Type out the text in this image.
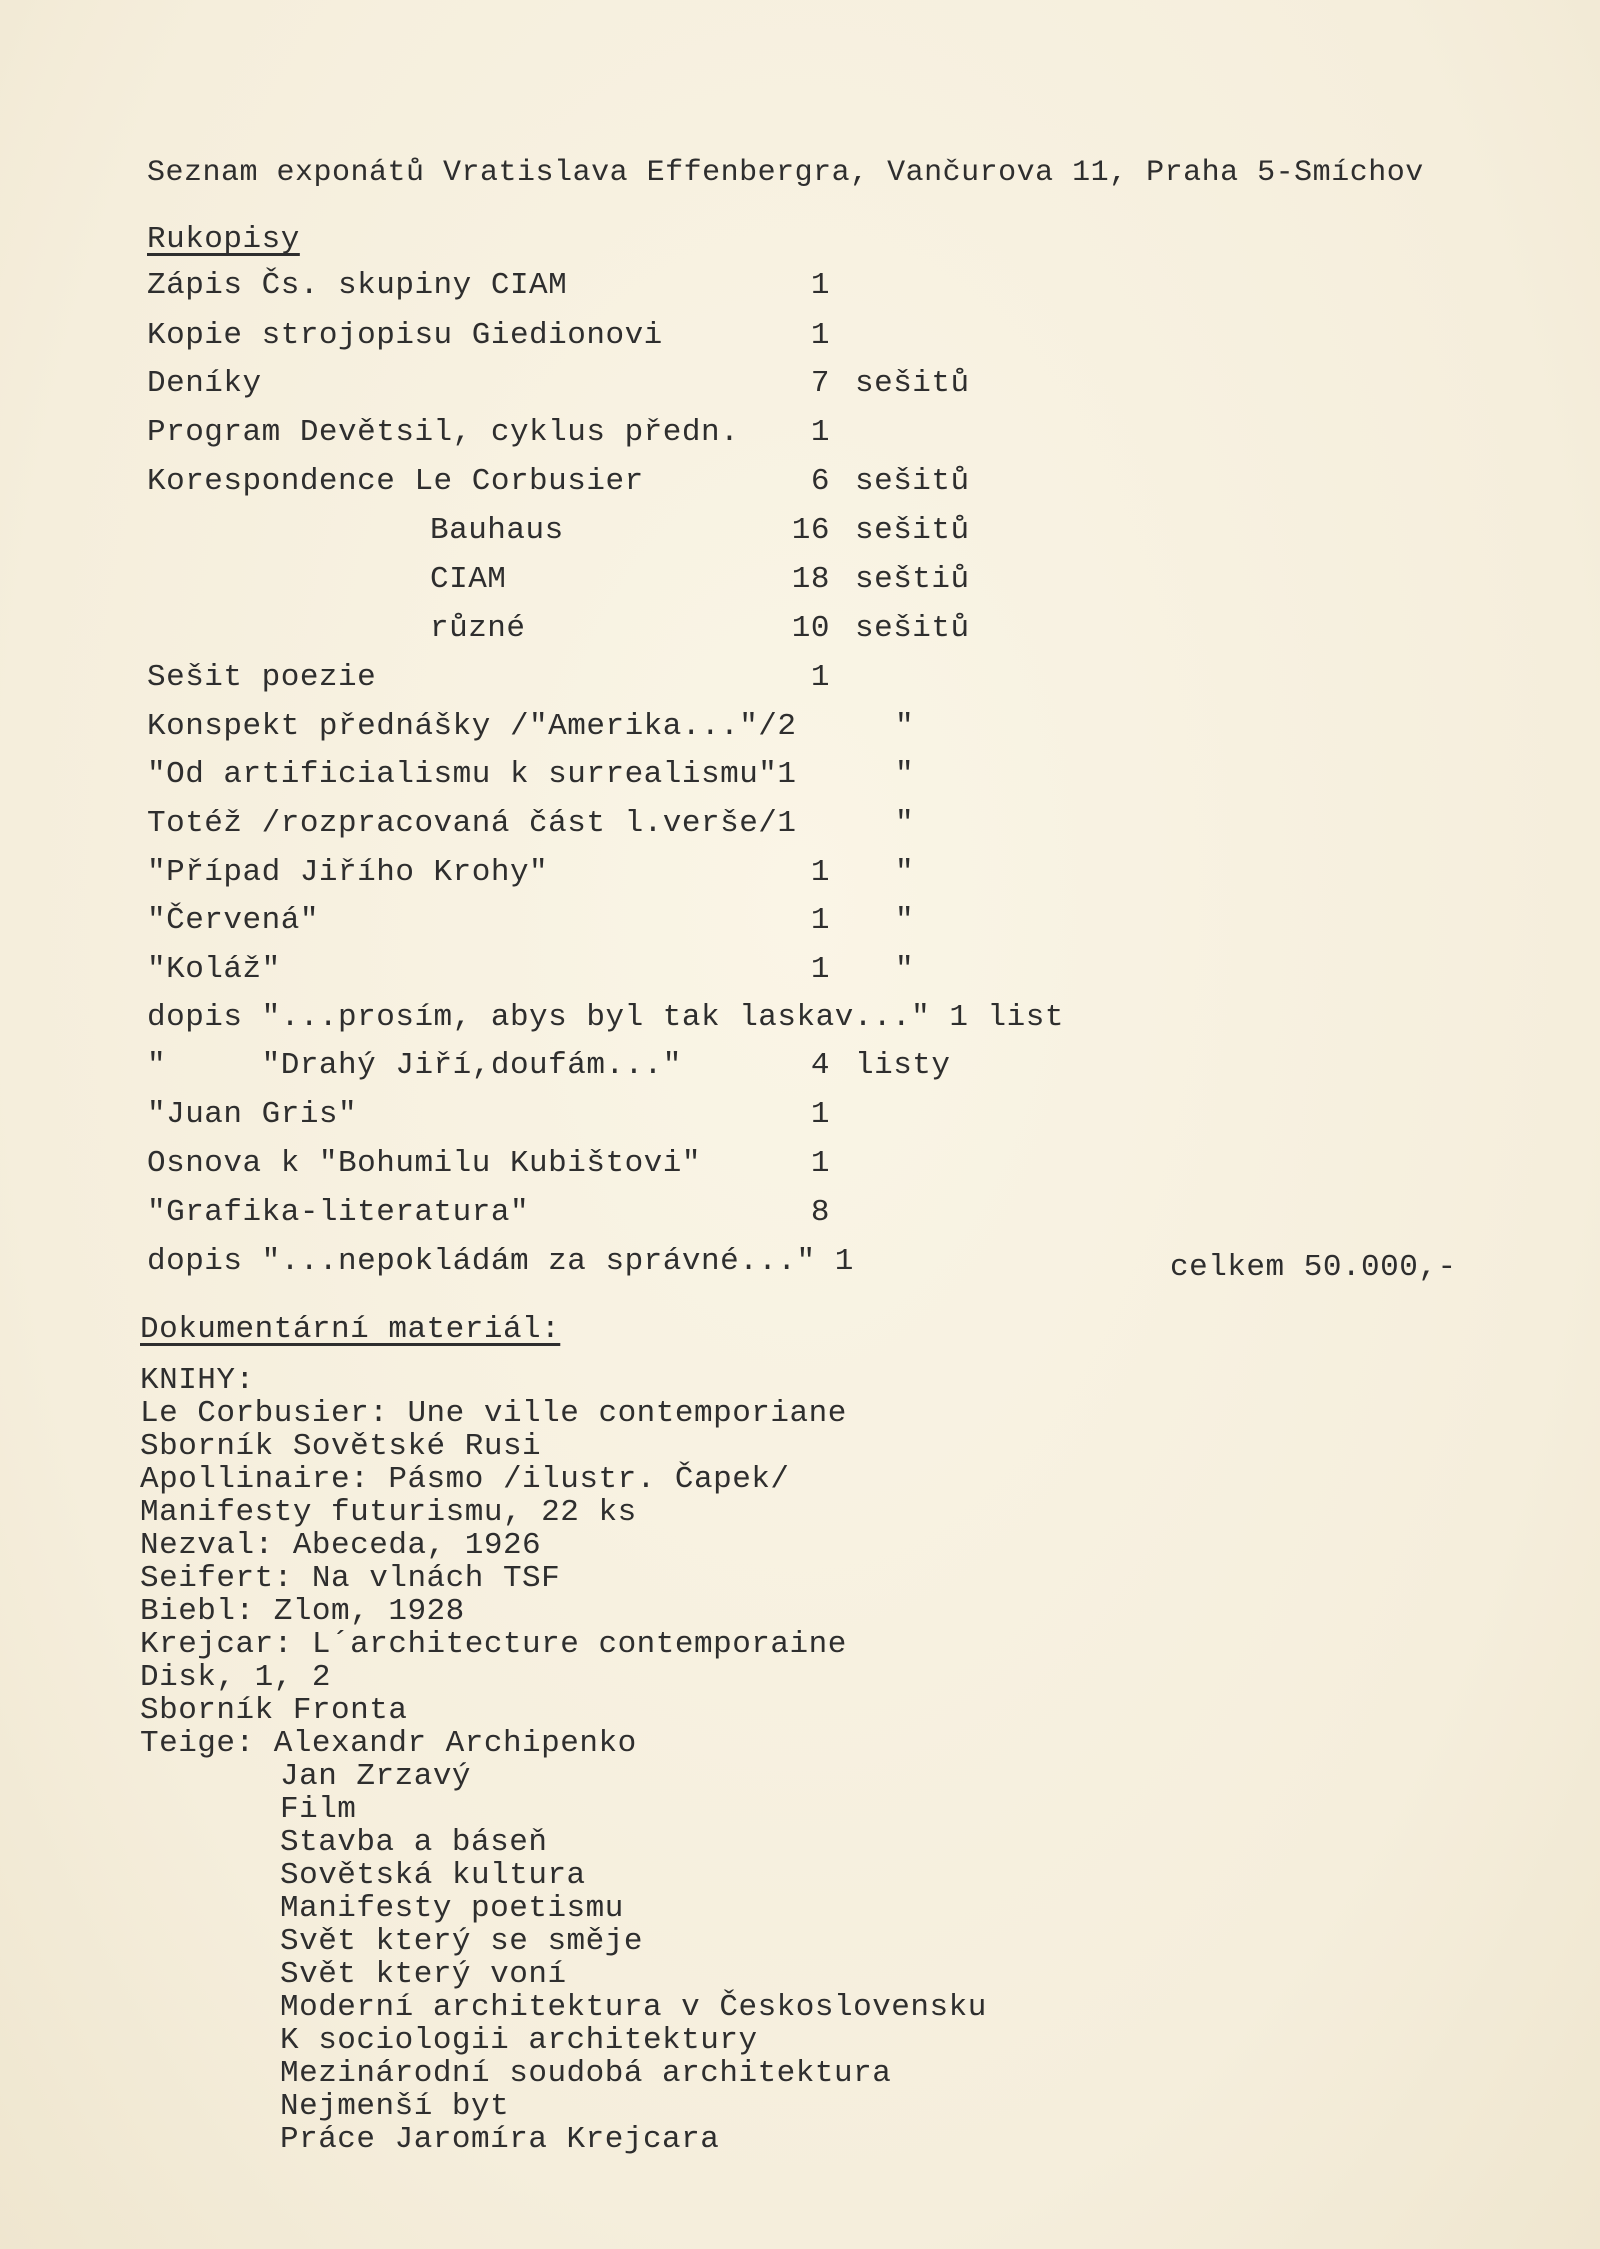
Seznam exponátů Vratislava Effenbergra, Vančurova 11, Praha 5-Smíchov
Rukopisy
Zápis Čs. skupiny CIAM	1
Kopie strojopisu Giedionovi	1
Deníky	7 sešitů
Program Devětsil, cyklus předn. 1
Korespondence Le Corbusier	6 sešitů
Bauhaus	16 sešitů
CIAM	18 seštiů
různé	10 sešitů
Sešit poezie	1
Konspekt přednášky /"Amerika..."/2	"
"Od artificialismu k surrealismu"1	"
Totéž /rozpracovaná část l.verše/1	"
"Případ Jiřího Krohy"	1 "
"Červená"	1 "
"Koláž"	1 "
dopis "...prosím, abys byl tak laskav..." 1 list
"     "Drahý Jiří,doufám..."	4 listy
"Juan Gris"	1
Osnova k "Bohumilu Kubištovi"	1
"Grafika-literatura"	8
dopis "...nepokládám za správné..." 1	celkem 50.000,-
Dokumentární materiál:
KNIHY:
Le Corbusier: Une ville contemporiane
Sborník Sovětské Rusi
Apollinaire: Pásmo /ilustr. Čapek/
Manifesty futurismu, 22 ks
Nezval: Abeceda, 1926
Seifert: Na vlnách TSF
Biebl: Zlom, 1928
Krejcar: L´architecture contemporaine
Disk, 1, 2
Sborník Fronta
Teige: Alexandr Archipenko
Jan Zrzavý
Film
Stavba a báseň
Sovětská kultura
Manifesty poetismu
Svět který se směje
Svět který voní
Moderní architektura v Československu
K sociologii architektury
Mezinárodní soudobá architektura
Nejmenší byt
Práce Jaromíra Krejcara
